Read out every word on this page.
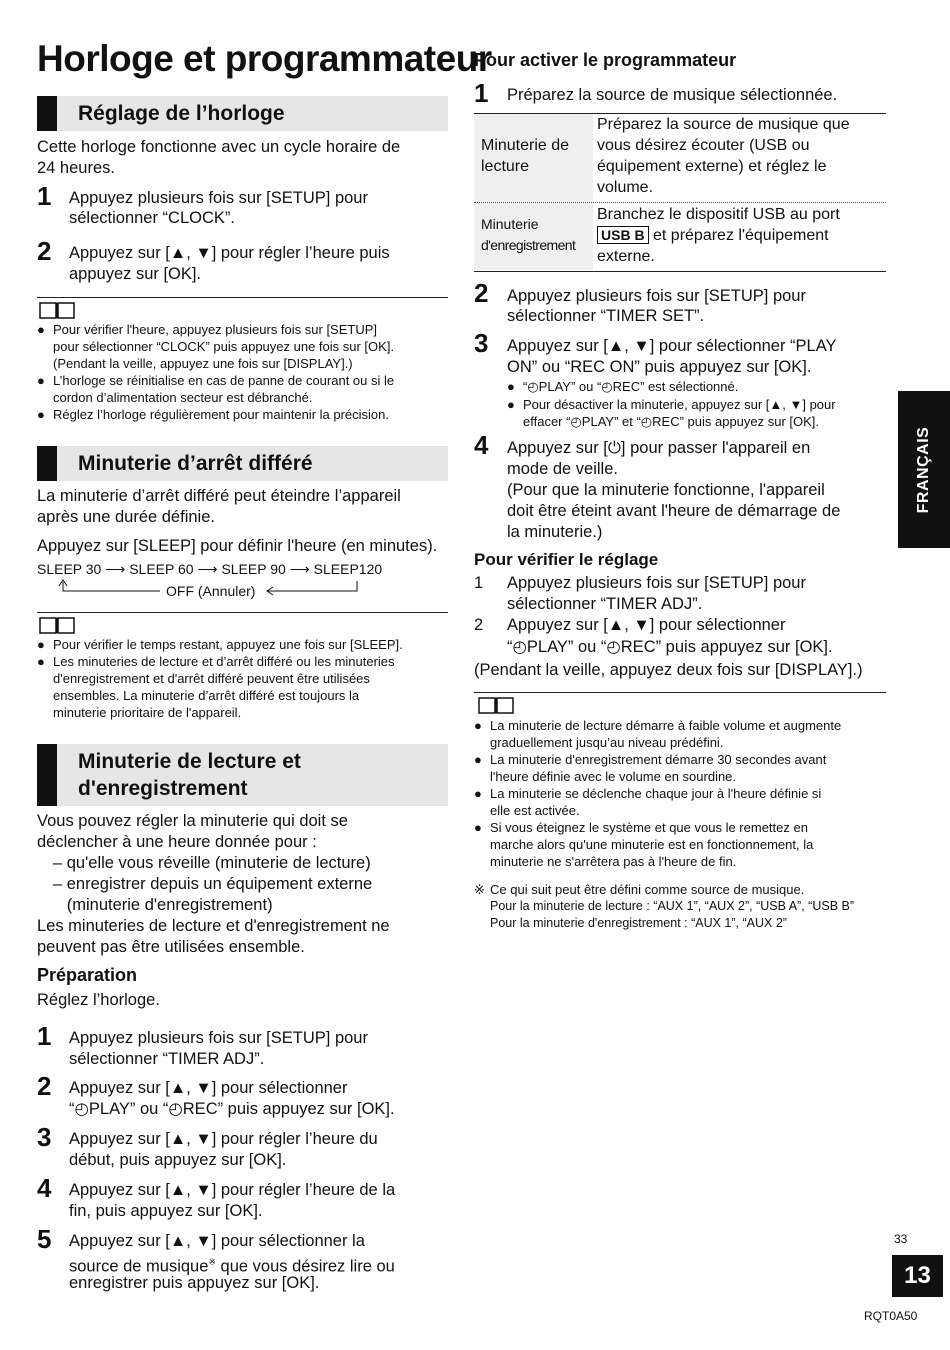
Horloge et programmateur
Réglage de l’horloge
Cette horloge fonctionne avec un cycle horaire de
24 heures.
1 Appuyez plusieurs fois sur [SETUP] pour
sélectionner “CLOCK”.
2 Appuyez sur [▲, ▼] pour régler l’heure puis
appuyez sur [OK].
● Pour vérifier l'heure, appuyez plusieurs fois sur [SETUP]
pour sélectionner “CLOCK” puis appuyez une fois sur [OK].
(Pendant la veille, appuyez une fois sur [DISPLAY].)
● L’horloge se réinitialise en cas de panne de courant ou si le
cordon d’alimentation secteur est débranché.
● Réglez l’horloge régulièrement pour maintenir la précision.
Minuterie d’arrêt différé
La minuterie d’arrêt différé peut éteindre l’appareil
après une durée définie.
Appuyez sur [SLEEP] pour définir l'heure (en minutes).
SLEEP 30 ⟶ SLEEP 60 ⟶ SLEEP 90 ⟶ SLEEP120
OFF (Annuler)
● Pour vérifier le temps restant, appuyez une fois sur [SLEEP].
● Les minuteries de lecture et d’arrêt différé ou les minuteries
d'enregistrement et d'arrêt différé peuvent être utilisées
ensembles. La minuterie d’arrêt différé est toujours la
minuterie prioritaire de l'appareil.
Minuterie de lecture et
d'enregistrement
Vous pouvez régler la minuterie qui doit se
déclencher à une heure donnée pour :
– qu'elle vous réveille (minuterie de lecture)
– enregistrer depuis un équipement externe
(minuterie d'enregistrement)
Les minuteries de lecture et d'enregistrement ne
peuvent pas être utilisées ensemble.
Préparation
Réglez l’horloge.
1 Appuyez plusieurs fois sur [SETUP] pour
sélectionner “TIMER ADJ”.
2 Appuyez sur [▲, ▼] pour sélectionner
“◴PLAY” ou “◴REC” puis appuyez sur [OK].
3 Appuyez sur [▲, ▼] pour régler l’heure du
début, puis appuyez sur [OK].
4 Appuyez sur [▲, ▼] pour régler l’heure de la
fin, puis appuyez sur [OK].
5 Appuyez sur [▲, ▼] pour sélectionner la
source de musique※ que vous désirez lire ou
enregistrer puis appuyez sur [OK].
Pour activer le programmateur
1 Préparez la source de musique sélectionnée.
Minuterie de
lecture
Préparez la source de musique que
vous désirez écouter (USB ou
équipement externe) et réglez le
volume.
Minuterie
d'enregistrement
Branchez le dispositif USB au port
USB B et préparez l'équipement
externe.
2 Appuyez plusieurs fois sur [SETUP] pour
sélectionner “TIMER SET”.
3 Appuyez sur [▲, ▼] pour sélectionner “PLAY
ON” ou “REC ON” puis appuyez sur [OK].
● “◴PLAY” ou “◴REC” est sélectionné.
● Pour désactiver la minuterie, appuyez sur [▲, ▼] pour
effacer “◴PLAY” et “◴REC” puis appuyez sur [OK].
4 Appuyez sur [⏻] pour passer l'appareil en
mode de veille.
(Pour que la minuterie fonctionne, l'appareil
doit être éteint avant l'heure de démarrage de
la minuterie.)
Pour vérifier le réglage
1 Appuyez plusieurs fois sur [SETUP] pour
sélectionner “TIMER ADJ”.
2 Appuyez sur [▲, ▼] pour sélectionner
“◴PLAY” ou “◴REC” puis appuyez sur [OK].
(Pendant la veille, appuyez deux fois sur [DISPLAY].)
● La minuterie de lecture démarre à faible volume et augmente
graduellement jusqu’au niveau prédéfini.
● La minuterie d'enregistrement démarre 30 secondes avant
l'heure définie avec le volume en sourdine.
● La minuterie se déclenche chaque jour à l'heure définie si
elle est activée.
● Si vous éteignez le système et que vous le remettez en
marche alors qu'une minuterie est en fonctionnement, la
minuterie ne s'arrêtera pas à l'heure de fin.
※ Ce qui suit peut être défini comme source de musique.
Pour la minuterie de lecture : “AUX 1”, “AUX 2”, “USB A”, “USB B”
Pour la minuterie d'enregistrement : “AUX 1”, “AUX 2”
FRANÇAIS
33
13
RQT0A50
